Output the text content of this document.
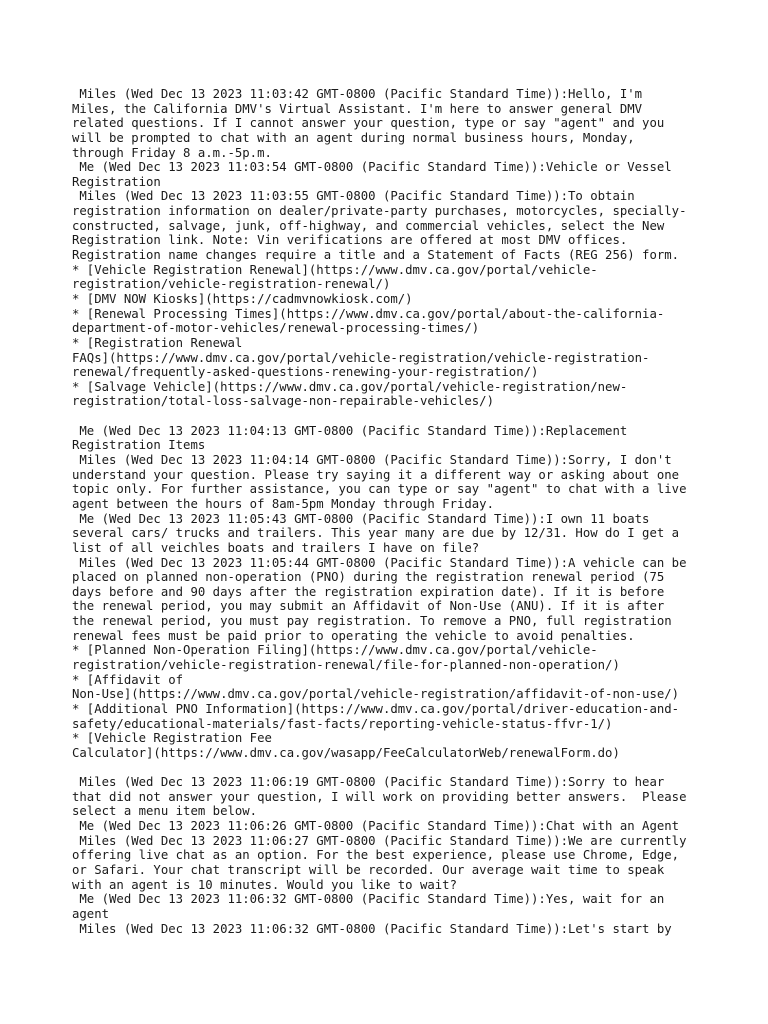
Miles (Wed Dec 13 2023 11:03:42 GMT-0800 (Pacific Standard Time)):Hello, I'm
Miles, the California DMV's Virtual Assistant. I'm here to answer general DMV
related questions. If I cannot answer your question, type or say "agent" and you
will be prompted to chat with an agent during normal business hours, Monday,
through Friday 8 a.m.-5p.m.
Me (Wed Dec 13 2023 11:03:54 GMT-0800 (Pacific Standard Time)):Vehicle or Vessel
Registration
Miles (Wed Dec 13 2023 11:03:55 GMT-0800 (Pacific Standard Time)):To obtain
registration information on dealer/private-party purchases, motorcycles, specially-
constructed, salvage, junk, off-highway, and commercial vehicles, select the New
Registration link. Note: Vin verifications are offered at most DMV offices.
Registration name changes require a title and a Statement of Facts (REG 256) form.
* [Vehicle Registration Renewal](https://www.dmv.ca.gov/portal/vehicle-
registration/vehicle-registration-renewal/)
* [DMV NOW Kiosks](https://cadmvnowkiosk.com/)
* [Renewal Processing Times](https://www.dmv.ca.gov/portal/about-the-california-
department-of-motor-vehicles/renewal-processing-times/)
* [Registration Renewal
FAQs](https://www.dmv.ca.gov/portal/vehicle-registration/vehicle-registration-
renewal/frequently-asked-questions-renewing-your-registration/)
* [Salvage Vehicle](https://www.dmv.ca.gov/portal/vehicle-registration/new-
registration/total-loss-salvage-non-repairable-vehicles/)
Me (Wed Dec 13 2023 11:04:13 GMT-0800 (Pacific Standard Time)):Replacement
Registration Items
Miles (Wed Dec 13 2023 11:04:14 GMT-0800 (Pacific Standard Time)):Sorry, I don't
understand your question. Please try saying it a different way or asking about one
topic only. For further assistance, you can type or say "agent" to chat with a live
agent between the hours of 8am-5pm Monday through Friday.
Me (Wed Dec 13 2023 11:05:43 GMT-0800 (Pacific Standard Time)):I own 11 boats
several cars/ trucks and trailers. This year many are due by 12/31. How do I get a
list of all veichles boats and trailers I have on file?
Miles (Wed Dec 13 2023 11:05:44 GMT-0800 (Pacific Standard Time)):A vehicle can be
placed on planned non-operation (PNO) during the registration renewal period (75
days before and 90 days after the registration expiration date). If it is before
the renewal period, you may submit an Affidavit of Non-Use (ANU). If it is after
the renewal period, you must pay registration. To remove a PNO, full registration
renewal fees must be paid prior to operating the vehicle to avoid penalties.
* [Planned Non-Operation Filing](https://www.dmv.ca.gov/portal/vehicle-
registration/vehicle-registration-renewal/file-for-planned-non-operation/)
* [Affidavit of
Non-Use](https://www.dmv.ca.gov/portal/vehicle-registration/affidavit-of-non-use/)
* [Additional PNO Information](https://www.dmv.ca.gov/portal/driver-education-and-
safety/educational-materials/fast-facts/reporting-vehicle-status-ffvr-1/)
* [Vehicle Registration Fee
Calculator](https://www.dmv.ca.gov/wasapp/FeeCalculatorWeb/renewalForm.do)
Miles (Wed Dec 13 2023 11:06:19 GMT-0800 (Pacific Standard Time)):Sorry to hear
that did not answer your question, I will work on providing better answers.  Please
select a menu item below.
Me (Wed Dec 13 2023 11:06:26 GMT-0800 (Pacific Standard Time)):Chat with an Agent
Miles (Wed Dec 13 2023 11:06:27 GMT-0800 (Pacific Standard Time)):We are currently
offering live chat as an option. For the best experience, please use Chrome, Edge,
or Safari. Your chat transcript will be recorded. Our average wait time to speak
with an agent is 10 minutes. Would you like to wait?
Me (Wed Dec 13 2023 11:06:32 GMT-0800 (Pacific Standard Time)):Yes, wait for an
agent
Miles (Wed Dec 13 2023 11:06:32 GMT-0800 (Pacific Standard Time)):Let's start by
